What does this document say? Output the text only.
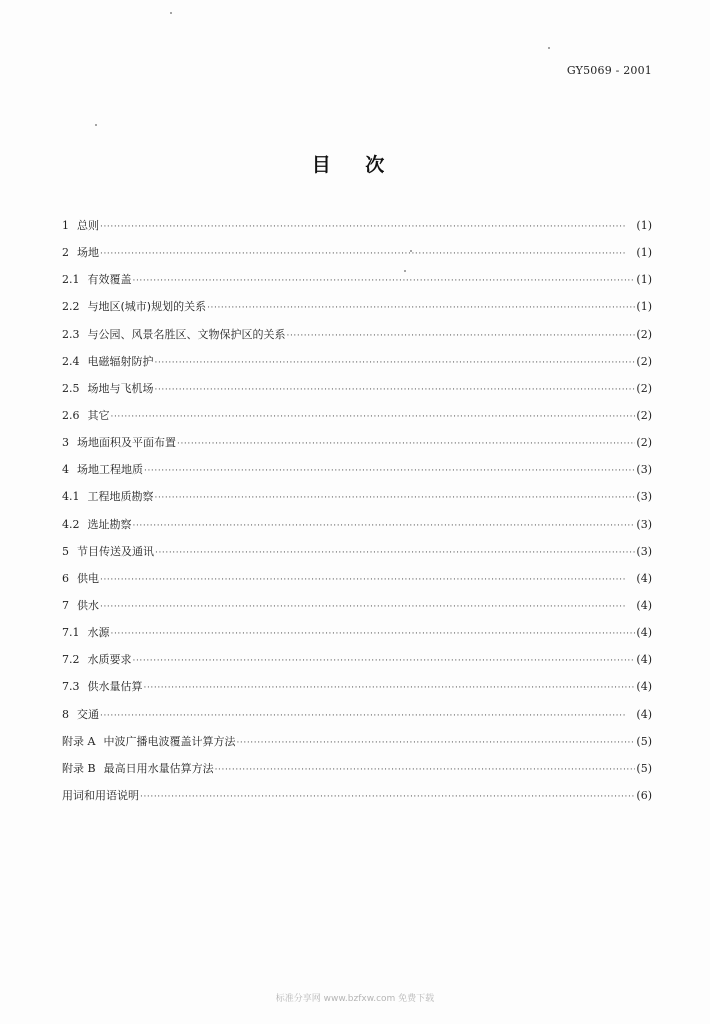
GY5069 - 2001
目 次
1 总则 ·····	(1)
2 场地 ·····	(1)
2.1 有效覆盖 ·····	(1)
2.2 与地区(城市)规划的关系 ·····	(1)
2.3 与公园、风景名胜区、文物保护区的关系 ·····	(2)
2.4 电磁辐射防护 ·····	(2)
2.5 场地与飞机场 ·····	(2)
2.6 其它 ·····	(2)
3 场地面积及平面布置 ·····	(2)
4 场地工程地质 ·····	(3)
4.1 工程地质勘察 ·····	(3)
4.2 选址勘察 ·····	(3)
5 节目传送及通讯 ·····	(3)
6 供电 ·····	(4)
7 供水 ·····	(4)
7.1 水源 ·····	(4)
7.2 水质要求 ·····	(4)
7.3 供水量估算 ·····	(4)
8 交通 ·····	(4)
附录 A 中波广播电波覆盖计算方法 ·····	(5)
附录 B 最高日用水量估算方法 ·····	(5)
用词和用语说明 ·····	(6)
标准分享网 www.bzfxw.com 免费下载
